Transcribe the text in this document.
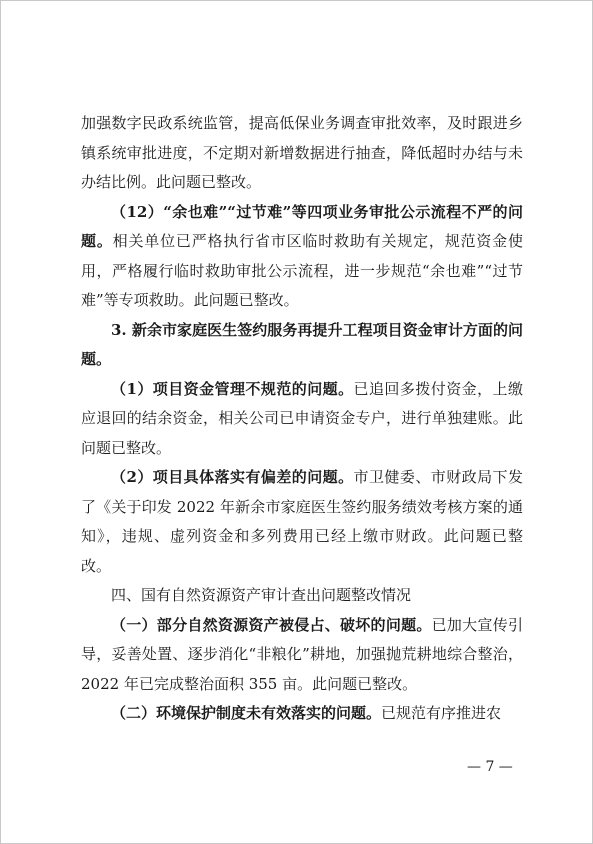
加强数字民政系统监管，提高低保业务调查审批效率，及时跟进乡镇系统审批进度，不定期对新增数据进行抽查，降低超时办结与未办结比例。此问题已整改。

（12）“余也难”“过节难”等四项业务审批公示流程不严的问题。相关单位已严格执行省市区临时救助有关规定，规范资金使用，严格履行临时救助审批公示流程，进一步规范“余也难”“过节难”等专项救助。此问题已整改。

3. 新余市家庭医生签约服务再提升工程项目资金审计方面的问题。

（1）项目资金管理不规范的问题。已追回多拨付资金，上缴应退回的结余资金，相关公司已申请资金专户，进行单独建账。此问题已整改。

（2）项目具体落实有偏差的问题。市卫健委、市财政局下发了《关于印发 2022 年新余市家庭医生签约服务绩效考核方案的通知》，违规、虚列资金和多列费用已经上缴市财政。此问题已整改。

四、国有自然资源资产审计查出问题整改情况

（一）部分自然资源资产被侵占、破坏的问题。已加大宣传引导，妥善处置、逐步消化“非粮化”耕地，加强抛荒耕地综合整治，2022 年已完成整治面积 355 亩。此问题已整改。

（二）环境保护制度未有效落实的问题。已规范有序推进农

— 7 —
